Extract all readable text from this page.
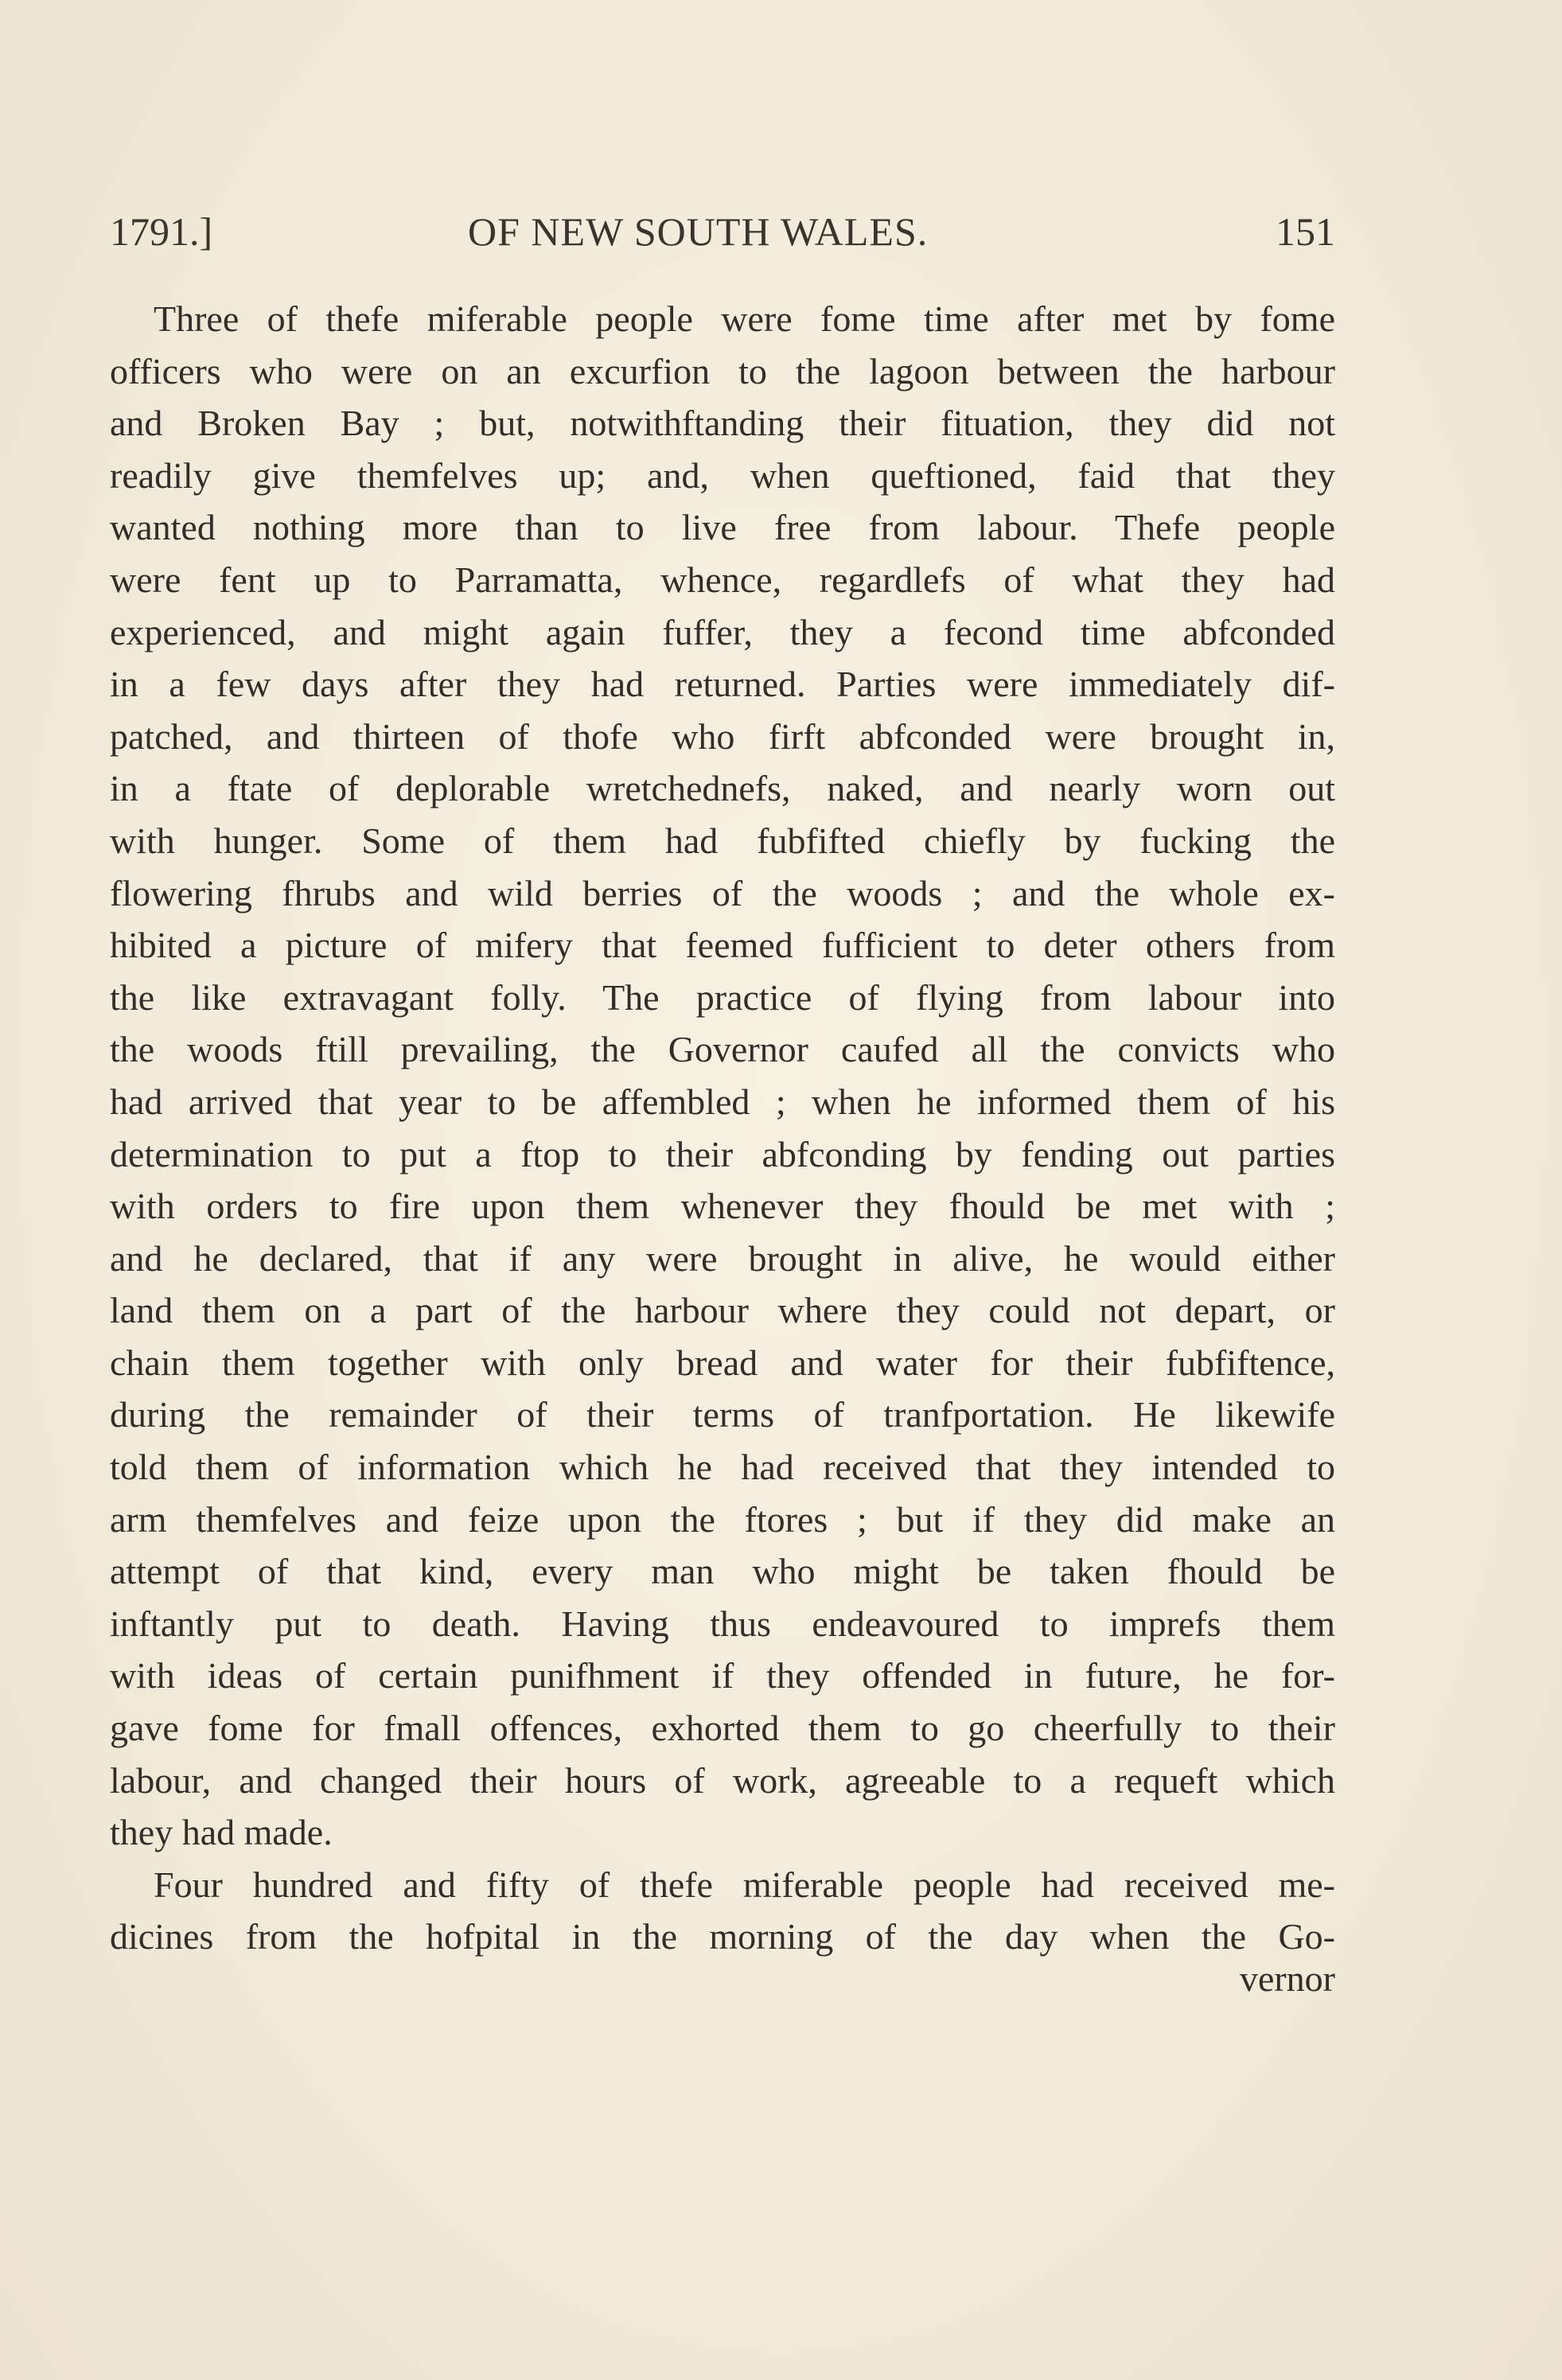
1791.]	OF NEW SOUTH WALES.	151
Three of thefe miferable people were fome time after met by fome
officers who were on an excurfion to the lagoon between the harbour
and Broken Bay ; but, notwithftanding their fituation, they did not
readily give themfelves up; and, when queftioned, faid that they
wanted nothing more than to live free from labour. Thefe people
were fent up to Parramatta, whence, regardlefs of what they had
experienced, and might again fuffer, they a fecond time abfconded
in a few days after they had returned. Parties were immediately dif-
patched, and thirteen of thofe who firft abfconded were brought in,
in a ftate of deplorable wretchednefs, naked, and nearly worn out
with hunger. Some of them had fubfifted chiefly by fucking the
flowering fhrubs and wild berries of the woods ; and the whole ex-
hibited a picture of mifery that feemed fufficient to deter others from
the like extravagant folly. The practice of flying from labour into
the woods ftill prevailing, the Governor caufed all the convicts who
had arrived that year to be affembled ; when he informed them of his
determination to put a ftop to their abfconding by fending out parties
with orders to fire upon them whenever they fhould be met with ;
and he declared, that if any were brought in alive, he would either
land them on a part of the harbour where they could not depart, or
chain them together with only bread and water for their fubfiftence,
during the remainder of their terms of tranfportation. He likewife
told them of information which he had received that they intended to
arm themfelves and feize upon the ftores ; but if they did make an
attempt of that kind, every man who might be taken fhould be
inftantly put to death. Having thus endeavoured to imprefs them
with ideas of certain punifhment if they offended in future, he for-
gave fome for fmall offences, exhorted them to go cheerfully to their
labour, and changed their hours of work, agreeable to a requeft which
they had made.
Four hundred and fifty of thefe miferable people had received me-
dicines from the hofpital in the morning of the day when the Go-
vernor
